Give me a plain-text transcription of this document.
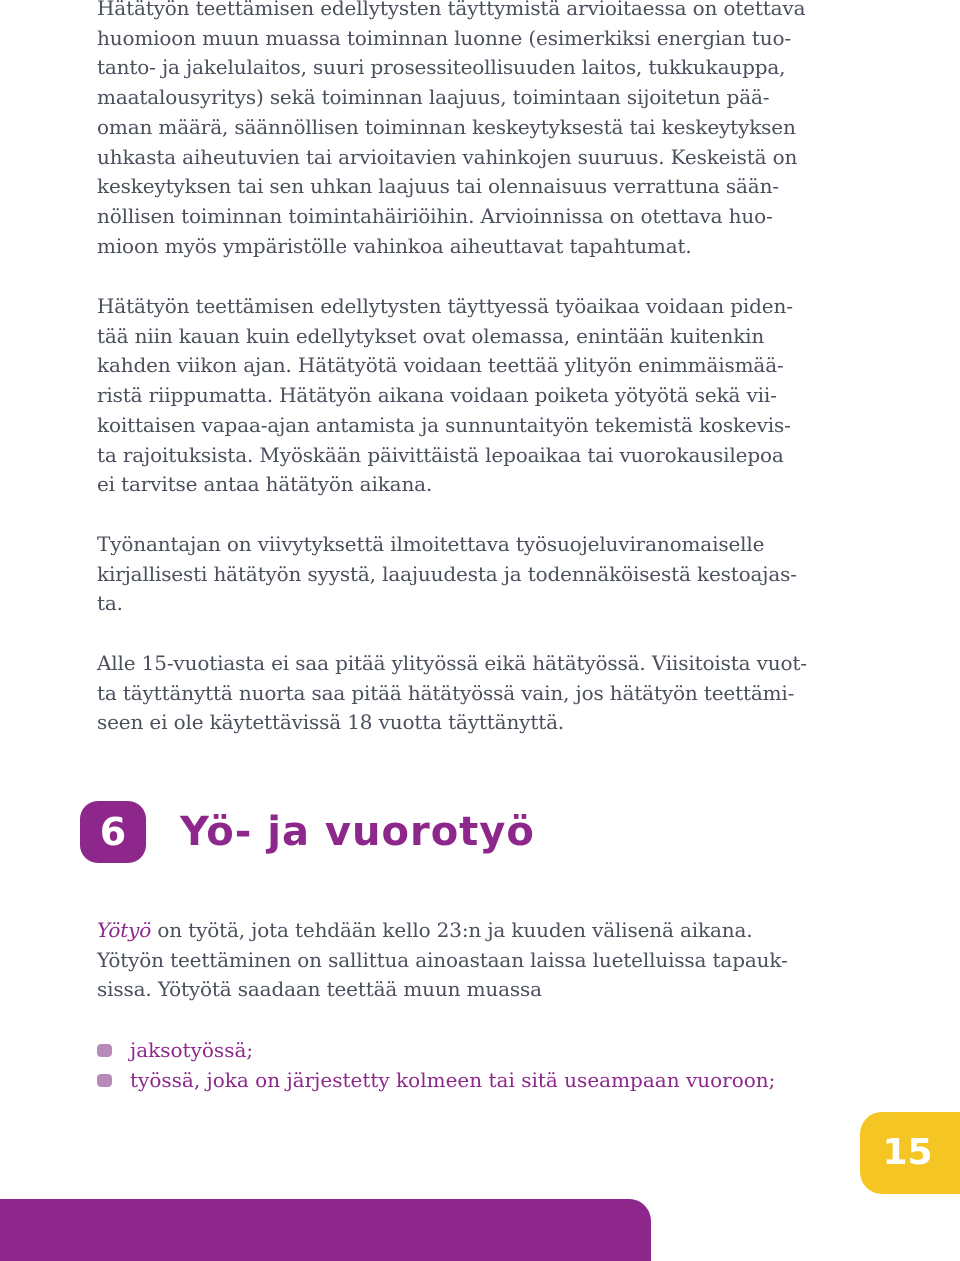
Hätätyön teettämisen edellytysten täyttymistä arvioitaessa on otettava
huomioon muun muassa toiminnan luonne (esimerkiksi energian tuo-
tanto- ja jakelulaitos, suuri prosessiteollisuuden laitos, tukkukauppa,
maatalousyritys) sekä toiminnan laajuus, toimintaan sijoitetun pää-
oman määrä, säännöllisen toiminnan keskeytyksestä tai keskeytyksen
uhkasta aiheutuvien tai arvioitavien vahinkojen suuruus. Keskeistä on
keskeytyksen tai sen uhkan laajuus tai olennaisuus verrattuna sään-
nöllisen toiminnan toimintahäiriöihin. Arvioinnissa on otettava huo-
mioon myös ympäristölle vahinkoa aiheuttavat tapahtumat.

Hätätyön teettämisen edellytysten täyttyessä työaikaa voidaan piden-
tää niin kauan kuin edellytykset ovat olemassa, enintään kuitenkin
kahden viikon ajan. Hätätyötä voidaan teettää ylityön enimmäismää-
ristä riippumatta. Hätätyön aikana voidaan poiketa yötyötä sekä vii-
koittaisen vapaa-ajan antamista ja sunnuntaityön tekemistä koskevis-
ta rajoituksista. Myöskään päivittäistä lepoaikaa tai vuorokausilepoa
ei tarvitse antaa hätätyön aikana.

Työnantajan on viivytyksettä ilmoitettava työsuojeluviranomaiselle
kirjallisesti hätätyön syystä, laajuudesta ja todennäköisestä kestoajas-
ta.

Alle 15-vuotiasta ei saa pitää ylityössä eikä hätätyössä. Viisitoista vuot-
ta täyttänyttä nuorta saa pitää hätätyössä vain, jos hätätyön teettämi-
seen ei ole käytettävissä 18 vuotta täyttänyttä.

6	Yö- ja vuorotyö

Yötyö on työtä, jota tehdään kello 23:n ja kuuden välisenä aikana.
Yötyön teettäminen on sallittua ainoastaan laissa luetelluissa tapauk-
sissa. Yötyötä saadaan teettää muun muassa

jaksotyössä;
työssä, joka on järjestetty kolmeen tai sitä useampaan vuoroon;
15
